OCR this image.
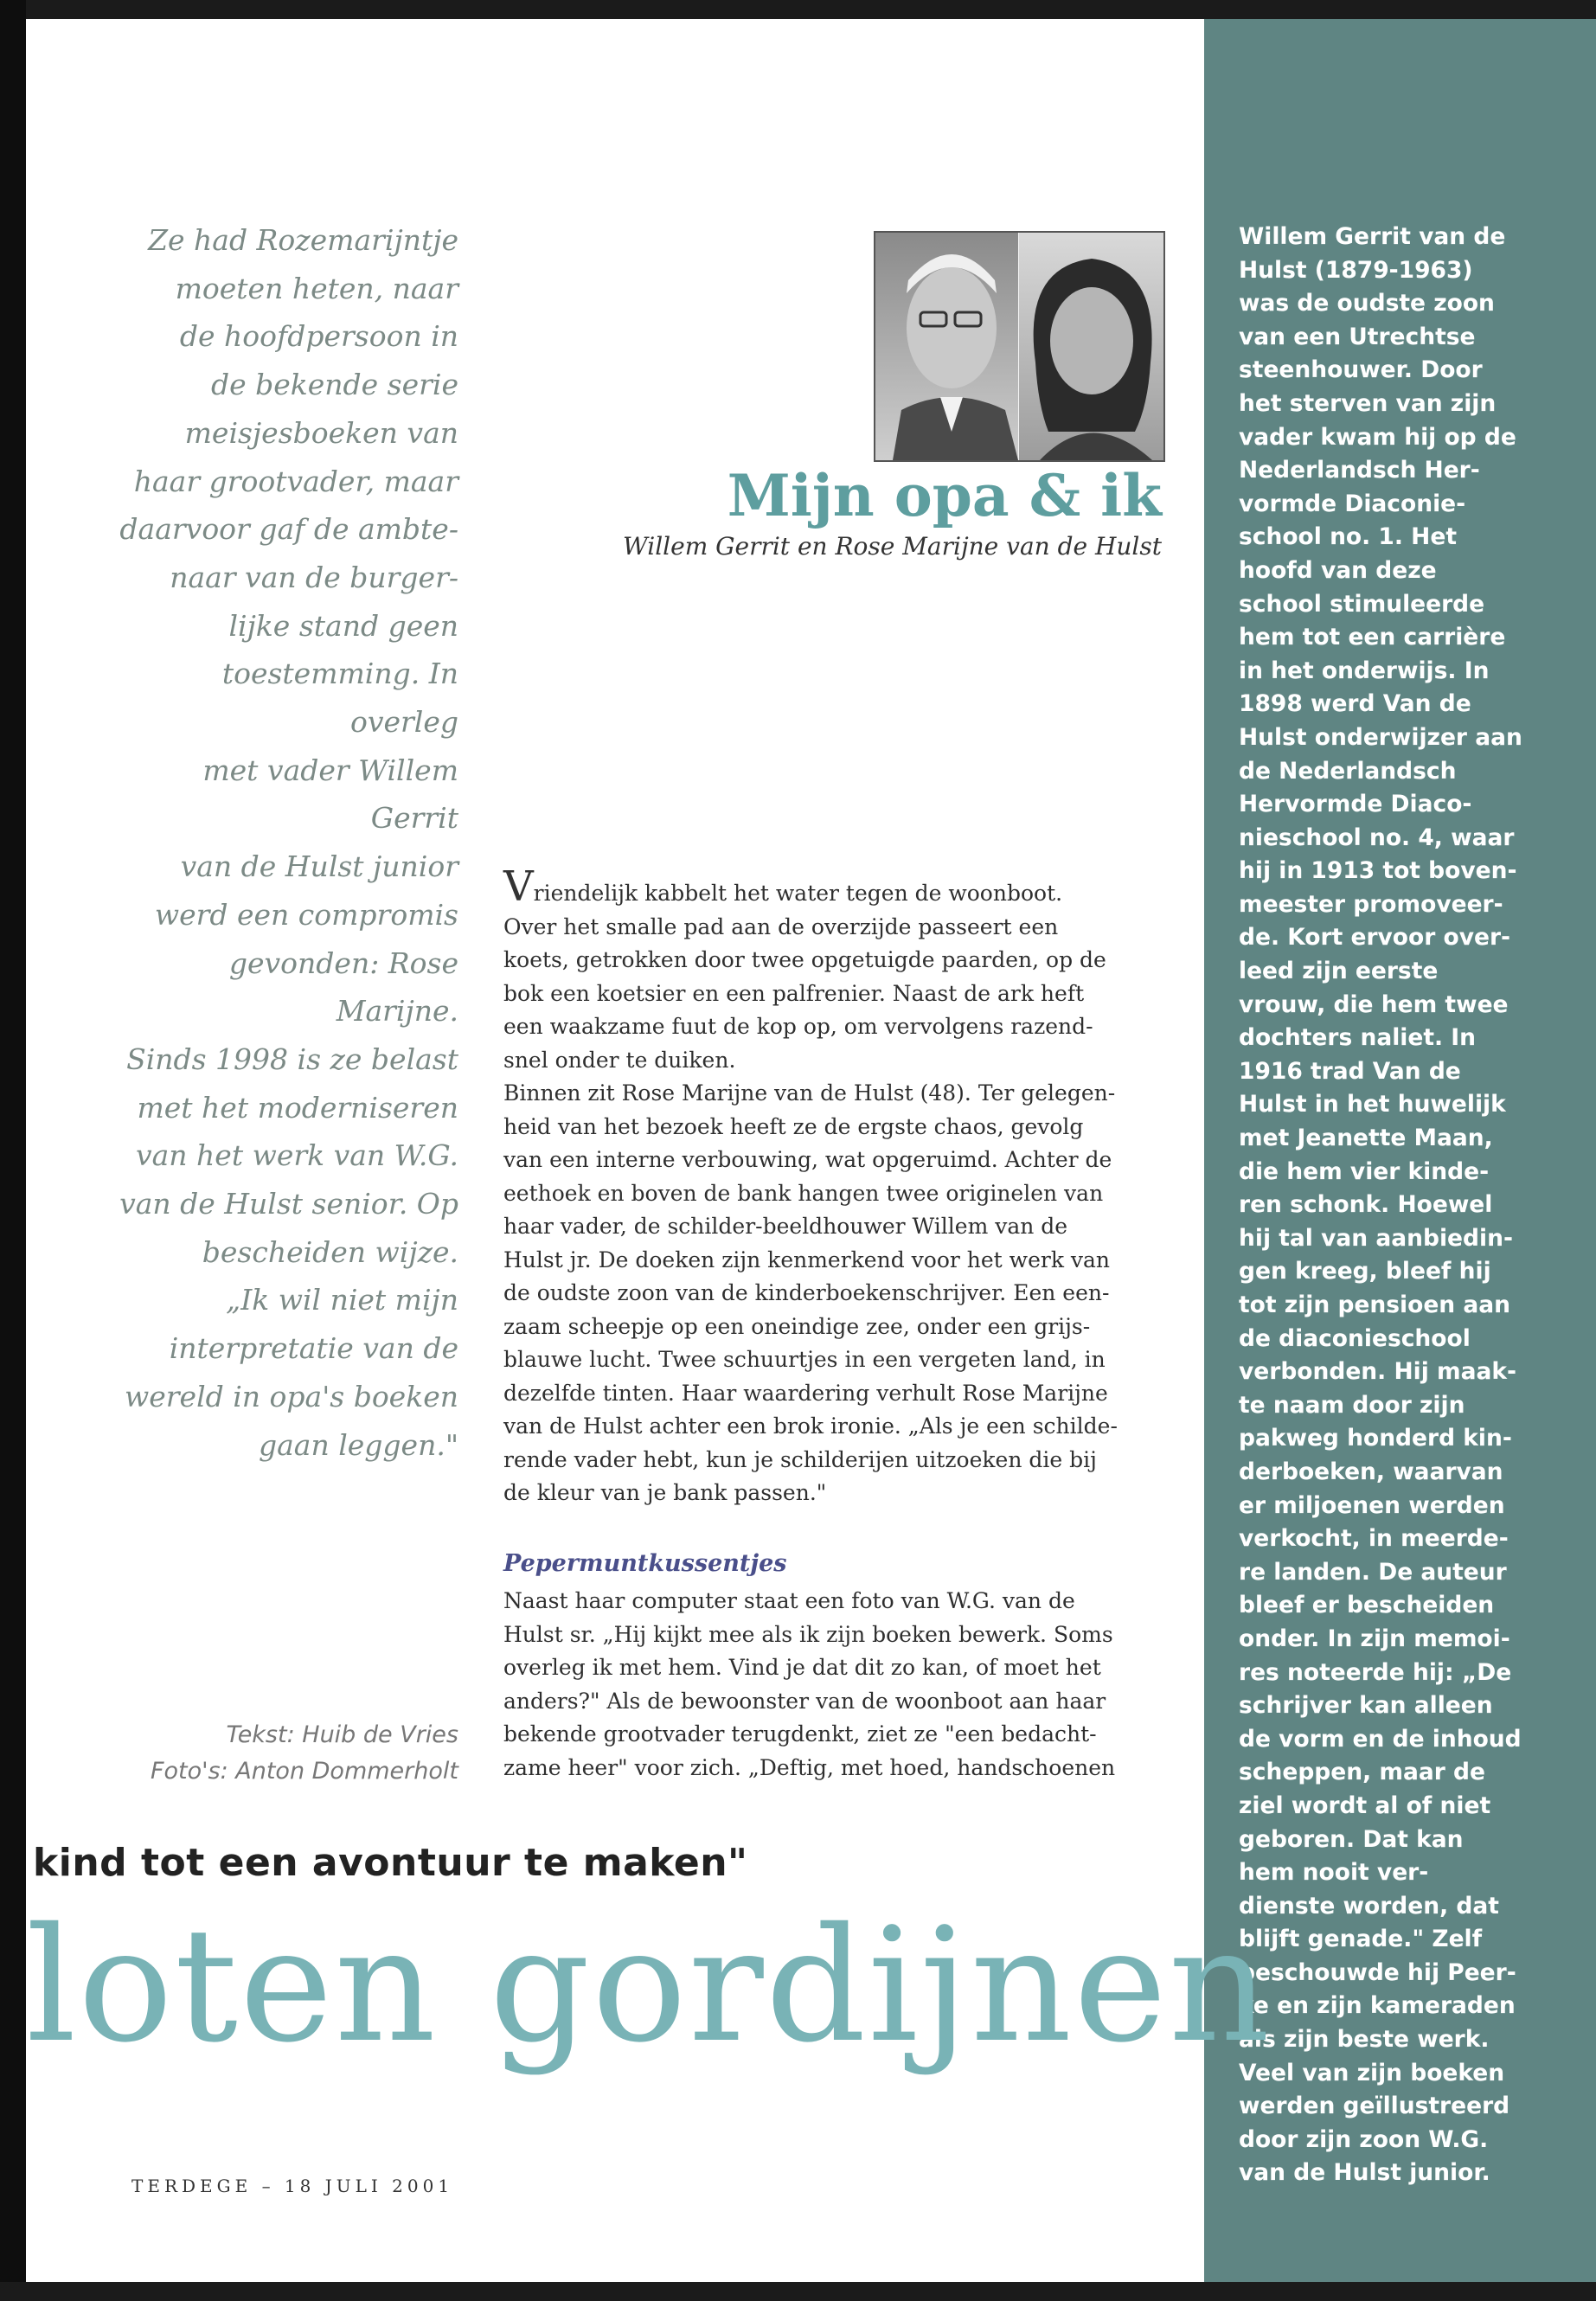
Willem Gerrit van de Hulst (1879-1963) was de oudste zoon van een Utrechtse steenhouwer. Door het sterven van zijn vader kwam hij op de Nederlandsch Her- vormde Diaconie- school no. 1. Het hoofd van deze school stimuleerde hem tot een carrière in het onderwijs. In 1898 werd Van de Hulst onderwijzer aan de Nederlandsch Hervormde Diaco- nieschool no. 4, waar hij in 1913 tot boven- meester promoveer- de. Kort ervoor over- leed zijn eerste vrouw, die hem twee dochters naliet. In 1916 trad Van de Hulst in het huwelijk met Jeanette Maan, die hem vier kinde- ren schonk. Hoewel hij tal van aanbiedin- gen kreeg, bleef hij tot zijn pensioen aan de diaconieschool verbonden. Hij maak- te naam door zijn pakweg honderd kin- derboeken, waarvan er miljoenen werden verkocht, in meerde- re landen. De auteur bleef er bescheiden onder. In zijn memoi- res noteerde hij: „De schrijver kan alleen de vorm en de inhoud scheppen, maar de ziel wordt al of niet geboren. Dat kan hem nooit ver- dienste worden, dat blijft genade." Zelf beschouwde hij Peer- ke en zijn kameraden als zijn beste werk. Veel van zijn boeken werden geïllustreerd door zijn zoon W.G. van de Hulst junior.

Ze had Rozemarijntje
moeten heten, naar
de hoofdpersoon in
de bekende serie
meisjesboeken van
haar grootvader, maar
daarvoor gaf de ambte-
naar van de burger-
lijke stand geen
toestemming. In overleg
met vader Willem Gerrit
van de Hulst junior
werd een compromis
gevonden: Rose Marijne.
Sinds 1998 is ze belast
met het moderniseren
van het werk van W.G.
van de Hulst senior. Op
bescheiden wijze.
„Ik wil niet mijn
interpretatie van de
wereld in opa's boeken
gaan leggen."
Tekst: Huib de Vries
Foto's: Anton Dommerholt
Mijn opa & ik
Willem Gerrit en Rose Marijne van de Hulst
Vriendelijk kabbelt het water tegen de woonboot.
Over het smalle pad aan de overzijde passeert een
koets, getrokken door twee opgetuigde paarden, op de
bok een koetsier en een palfrenier. Naast de ark heft
een waakzame fuut de kop op, om vervolgens razend-
snel onder te duiken.
Binnen zit Rose Marijne van de Hulst (48). Ter gelegen-
heid van het bezoek heeft ze de ergste chaos, gevolg
van een interne verbouwing, wat opgeruimd. Achter de
eethoek en boven de bank hangen twee originelen van
haar vader, de schilder-beeldhouwer Willem van de
Hulst jr. De doeken zijn kenmerkend voor het werk van
de oudste zoon van de kinderboekenschrijver. Een een-
zaam scheepje op een oneindige zee, onder een grijs-
blauwe lucht. Twee schuurtjes in een vergeten land, in
dezelfde tinten. Haar waardering verhult Rose Marijne
van de Hulst achter een brok ironie. „Als je een schilde-
rende vader hebt, kun je schilderijen uitzoeken die bij
de kleur van je bank passen."
Pepermuntkussentjes
Naast haar computer staat een foto van W.G. van de
Hulst sr. „Hij kijkt mee als ik zijn boeken bewerk. Soms
overleg ik met hem. Vind je dat dit zo kan, of moet het
anders?" Als de bewoonster van de woonboot aan haar
bekende grootvader terugdenkt, ziet ze "een bedacht-
zame heer" voor zich. „Deftig, met hoed, handschoenen
kind tot een avontuur te maken"
loten gordijnen
TERDEGE – 18 JULI 2001
